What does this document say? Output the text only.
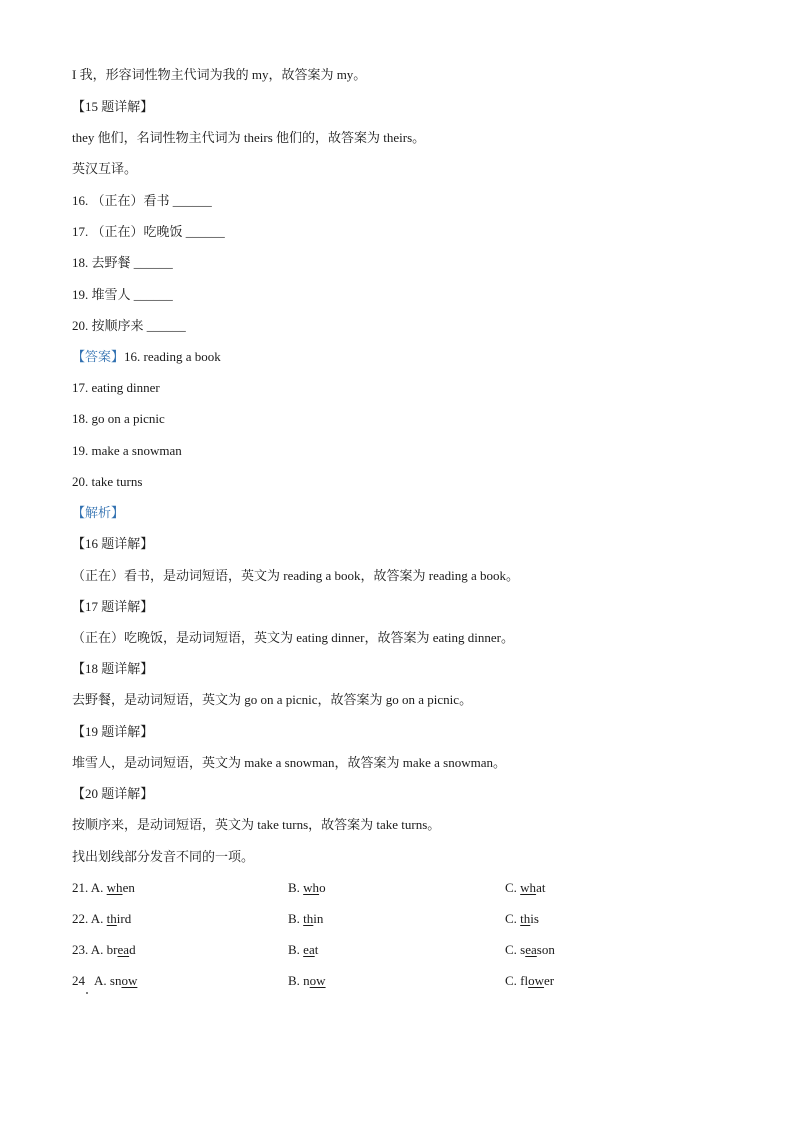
I 我，形容词性物主代词为我的 my，故答案为 my。
【15 题详解】
they 他们，名词性物主代词为 theirs 他们的，故答案为 theirs。
英汉互译。
16. （正在）看书 ______
17. （正在）吃晚饭 ______
18. 去野餐 ______
19. 堆雪人 ______
20. 按顺序来 ______
【答案】16. reading a book
17. eating dinner
18. go on a picnic
19. make a snowman
20. take turns
【解析】
【16 题详解】
（正在）看书，是动词短语，英文为 reading a book，故答案为 reading a book。
【17 题详解】
（正在）吃晚饭，是动词短语，英文为 eating dinner，故答案为 eating dinner。
【18 题详解】
去野餐，是动词短语，英文为 go on a picnic，故答案为 go on a picnic。
【19 题详解】
堆雪人，是动词短语，英文为 make a snowman，故答案为 make a snowman。
【20 题详解】
按顺序来，是动词短语，英文为 take turns，故答案为 take turns。
找出划线部分发音不同的一项。
21. A. when	B. who	C. what
22. A. third	B. thin	C. this
23. A. bread	B. eat	C. season
24   A. snow	B. now	C. flower
